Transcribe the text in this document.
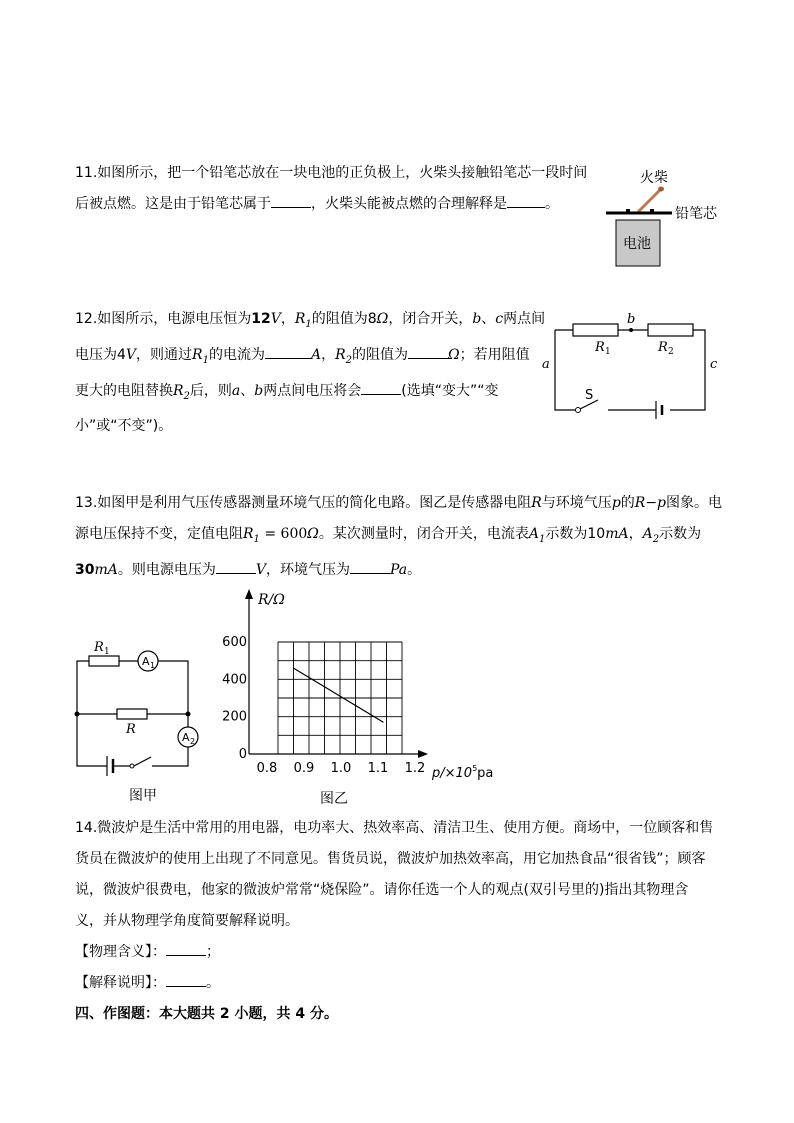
11.如图所示，把一个铅笔芯放在一块电池的正负极上，火柴头接触铅笔芯一段时间
后被点燃。这是由于铅笔芯属于	，火柴头能被点燃的合理解释是	。
火柴
铅笔芯
电池
12.如图所示，电源电压恒为12V，$R_1$的阻值为8Ω，闭合开关，b、c两点间
电压为4V，则通过$R_1$的电流为	A，$R_2$的阻值为	Ω；若用阻值
更大的电阻替换$R_2$后，则a、b两点间电压将会	(选填“变大”“变
小”或“不变”)。
b
a	c
R 1	R 2
S
13.如图甲是利用气压传感器测量环境气压的简化电路。图乙是传感器电阻R与环境气压p的R−p图象。电
源电压保持不变，定值电阻$R_1 = 600\Omega$。某次测量时，闭合开关，电流表$A_1$示数为10mA，$A_2$示数为
30mA。则电源电压为	V，环境气压为	Pa。
R 1
R
A 1
A 2
图甲
0
200
400
600
0.8 0.9 1.0 1.1 1.2
R/Ω
$p/\times 10^5pa$
图乙
14.微波炉是生活中常用的用电器，电功率大、热效率高、清洁卫生、使用方便。商场中，一位顾客和售
货员在微波炉的使用上出现了不同意见。售货员说，微波炉加热效率高，用它加热食品“很省钱”；顾客
说，微波炉很费电，他家的微波炉常常“烧保险”。请你任选一个人的观点(双引号里的)指出其物理含
义，并从物理学角度简要解释说明。
【物理含义】：	；
【解释说明】：	。
四、作图题：本大题共 2 小题，共 4 分。
